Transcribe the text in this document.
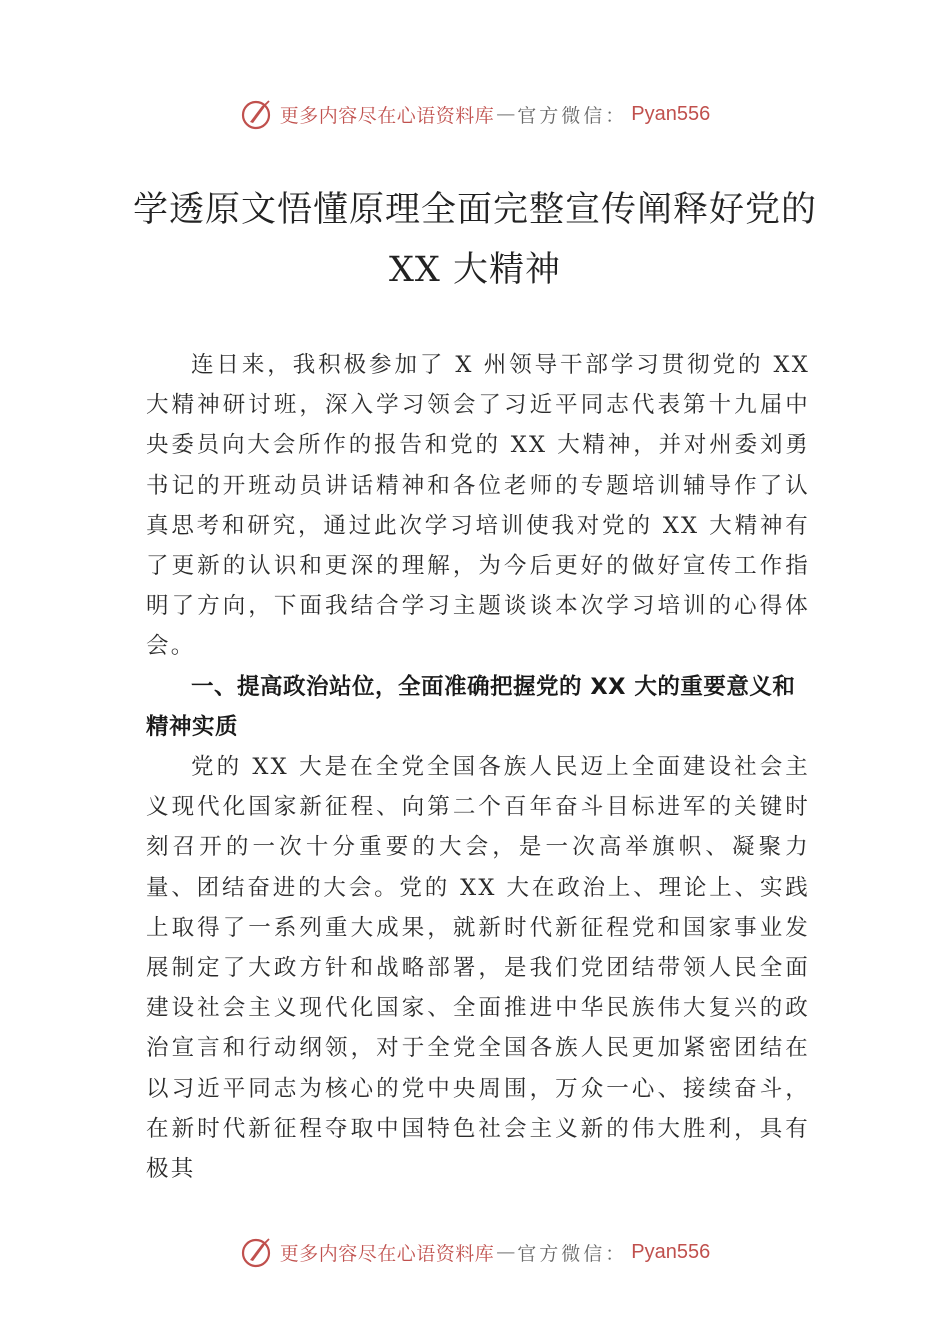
更多内容尽在心语资料库 — 官方微信： Pyan556
学透原文悟懂原理全面完整宣传阐释好党的 XX 大精神

连日来，我积极参加了 X 州领导干部学习贯彻党的 XX 大精神研讨班，深入学习领会了习近平同志代表第十九届中央委员向大会所作的报告和党的 XX 大精神，并对州委刘勇书记的开班动员讲话精神和各位老师的专题培训辅导作了认真思考和研究，通过此次学习培训使我对党的 XX 大精神有了更新的认识和更深的理解，为今后更好的做好宣传工作指明了方向，下面我结合学习主题谈谈本次学习培训的心得体会。

一、提高政治站位，全面准确把握党的 XX 大的重要意义和精神实质

党的 XX 大是在全党全国各族人民迈上全面建设社会主义现代化国家新征程、向第二个百年奋斗目标进军的关键时刻召开的一次十分重要的大会，是一次高举旗帜、凝聚力量、团结奋进的大会。党的 XX 大在政治上、理论上、实践上取得了一系列重大成果，就新时代新征程党和国家事业发展制定了大政方针和战略部署，是我们党团结带领人民全面建设社会主义现代化国家、全面推进中华民族伟大复兴的政治宣言和行动纲领，对于全党全国各族人民更加紧密团结在以习近平同志为核心的党中央周围，万众一心、接续奋斗，在新时代新征程夺取中国特色社会主义新的伟大胜利，具有极其

更多内容尽在心语资料库 — 官方微信： Pyan556
